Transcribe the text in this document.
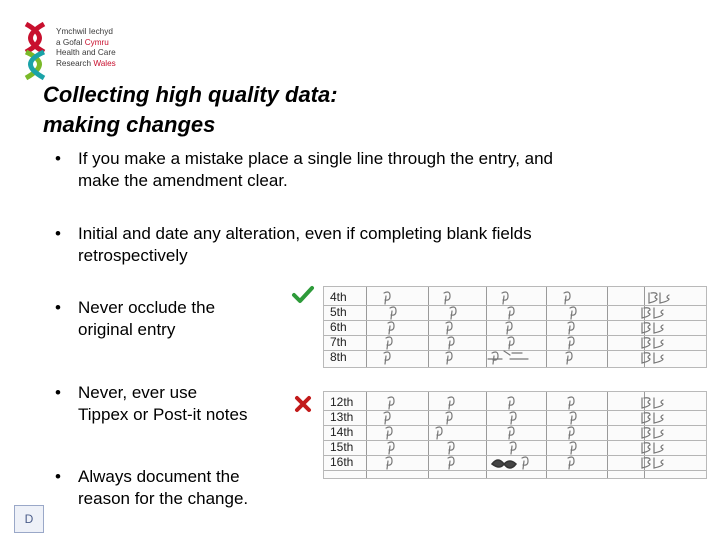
Ymchwil Iechyd
a Gofal Cymru
Health and Care
Research Wales
Collecting high quality data:
making changes
• If you make a mistake place a single line through the entry, and
make the amendment clear.
• Initial and date any alteration, even if completing blank fields
retrospectively
• Never occlude the
original entry
• Never, ever use
Tippex or Post-it notes
• Always document the
reason for the change.
4th
5th
6th
7th
8th
12th
13th
14th
15th
16th
D
